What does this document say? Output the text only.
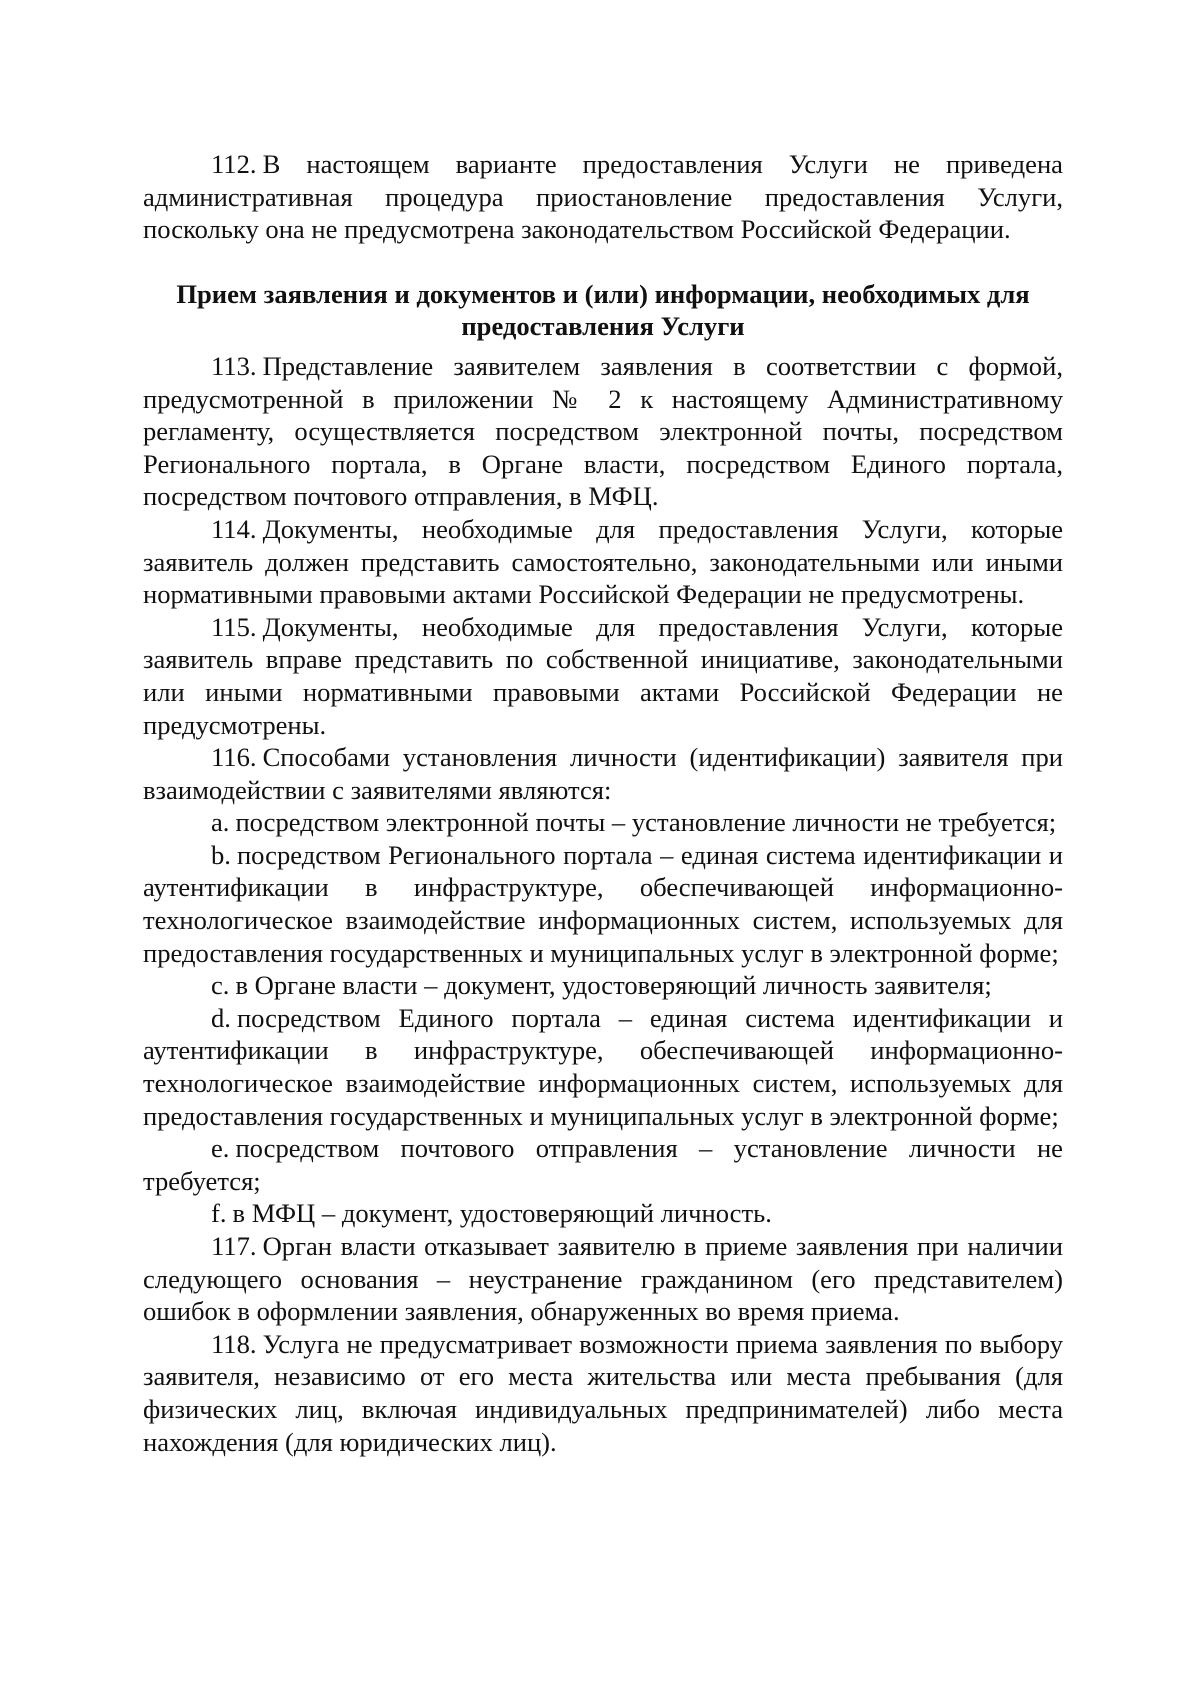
112. В настоящем варианте предоставления Услуги не приведена административная процедура приостановление предоставления Услуги, поскольку она не предусмотрена законодательством Российской Федерации.

Прием заявления и документов и (или) информации, необходимых для
предоставления Услуги

113. Представление заявителем заявления в соответствии с формой, предусмотренной в приложении № 2 к настоящему Административному регламенту, осуществляется посредством электронной почты, посредством Регионального портала, в Органе власти, посредством Единого портала, посредством почтового отправления, в МФЦ.

114. Документы, необходимые для предоставления Услуги, которые заявитель должен представить самостоятельно, законодательными или иными нормативными правовыми актами Российской Федерации не предусмотрены.

115. Документы, необходимые для предоставления Услуги, которые заявитель вправе представить по собственной инициативе, законодательными или иными нормативными правовыми актами Российской Федерации не предусмотрены.

116. Способами установления личности (идентификации) заявителя при взаимодействии с заявителями являются:

a. посредством электронной почты – установление личности не требуется;

b. посредством Регионального портала – единая система идентификации и аутентификации в инфраструктуре, обеспечивающей информационно-технологическое взаимодействие информационных систем, используемых для предоставления государственных и муниципальных услуг в электронной форме;

c. в Органе власти – документ, удостоверяющий личность заявителя;

d. посредством Единого портала – единая система идентификации и аутентификации в инфраструктуре, обеспечивающей информационно-технологическое взаимодействие информационных систем, используемых для предоставления государственных и муниципальных услуг в электронной форме;

e. посредством почтового отправления – установление личности не требуется;

f. в МФЦ – документ, удостоверяющий личность.

117. Орган власти отказывает заявителю в приеме заявления при наличии следующего основания – неустранение гражданином (его представителем) ошибок в оформлении заявления, обнаруженных во время приема.

118. Услуга не предусматривает возможности приема заявления по выбору заявителя, независимо от его места жительства или места пребывания (для физических лиц, включая индивидуальных предпринимателей) либо места нахождения (для юридических лиц).
